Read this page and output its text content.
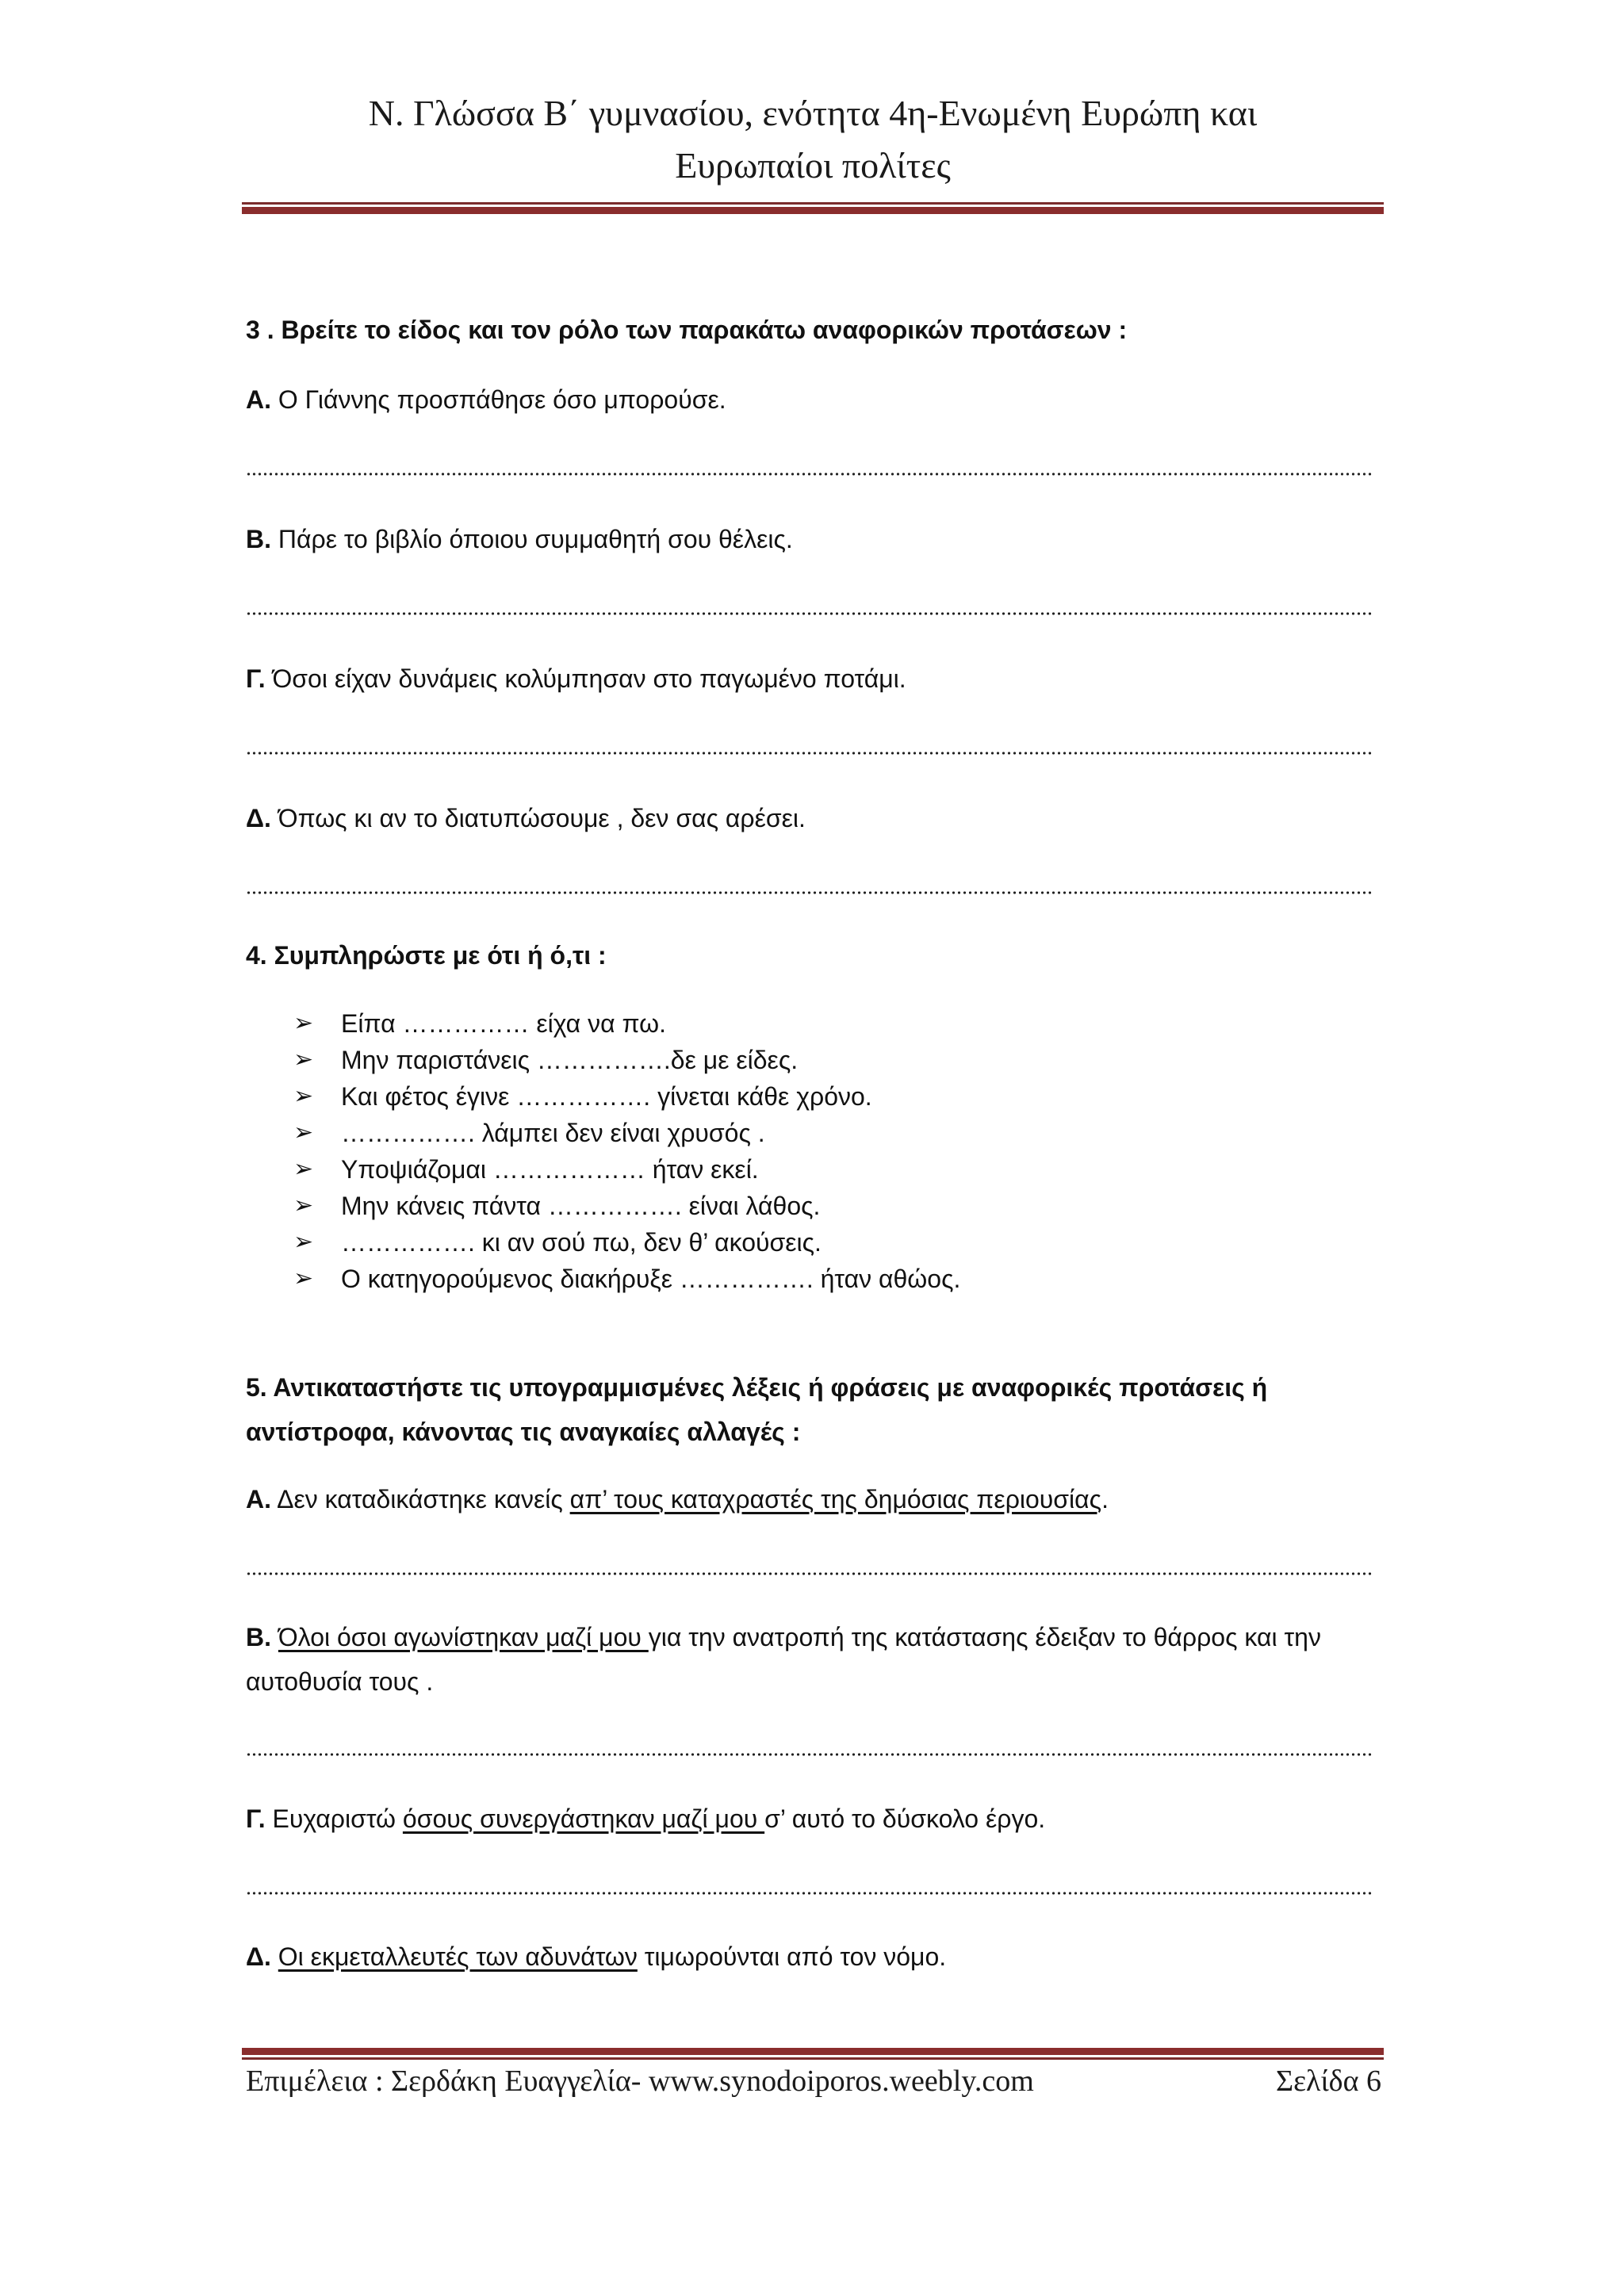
Ν. Γλώσσα Β΄ γυμνασίου, ενότητα 4η-Ενωμένη Ευρώπη και
Ευρωπαίοι πολίτες
3 . Βρείτε το είδος και τον ρόλο των παρακάτω αναφορικών προτάσεων :
Α. Ο Γιάννης προσπάθησε όσο μπορούσε.
Β. Πάρε το βιβλίο όποιου συμμαθητή σου θέλεις.
Γ. Όσοι είχαν δυνάμεις κολύμπησαν στο παγωμένο ποτάμι.
Δ. Όπως κι αν το διατυπώσουμε , δεν σας αρέσει.
4. Συμπληρώστε με ότι ή ό,τι :
➢ Είπα …………… είχα να πω.
➢ Μην παριστάνεις …………….δε με είδες.
➢ Και φέτος έγινε ……………. γίνεται κάθε χρόνο.
➢ ……………. λάμπει δεν είναι χρυσός .
➢ Υποψιάζομαι ……………… ήταν εκεί.
➢ Μην κάνεις πάντα ……………. είναι λάθος.
➢ ……………. κι αν σού πω, δεν θ’ ακούσεις.
➢ Ο κατηγορούμενος διακήρυξε ……………. ήταν αθώος.
5. Αντικαταστήστε τις υπογραμμισμένες λέξεις ή φράσεις με αναφορικές προτάσεις ή αντίστροφα, κάνοντας τις αναγκαίες αλλαγές :
Α. Δεν καταδικάστηκε κανείς απ’ τους καταχραστές της δημόσιας περιουσίας.
Β. Όλοι όσοι αγωνίστηκαν μαζί μου για την ανατροπή της κατάστασης έδειξαν το θάρρος και την αυτοθυσία τους .
Γ. Ευχαριστώ όσους συνεργάστηκαν μαζί μου σ’ αυτό το δύσκολο έργο.
Δ. Οι εκμεταλλευτές των αδυνάτων τιμωρούνται από τον νόμο.
Επιμέλεια : Σερδάκη Ευαγγελία- www.synodoiporos.weebly.com	Σελίδα 6
